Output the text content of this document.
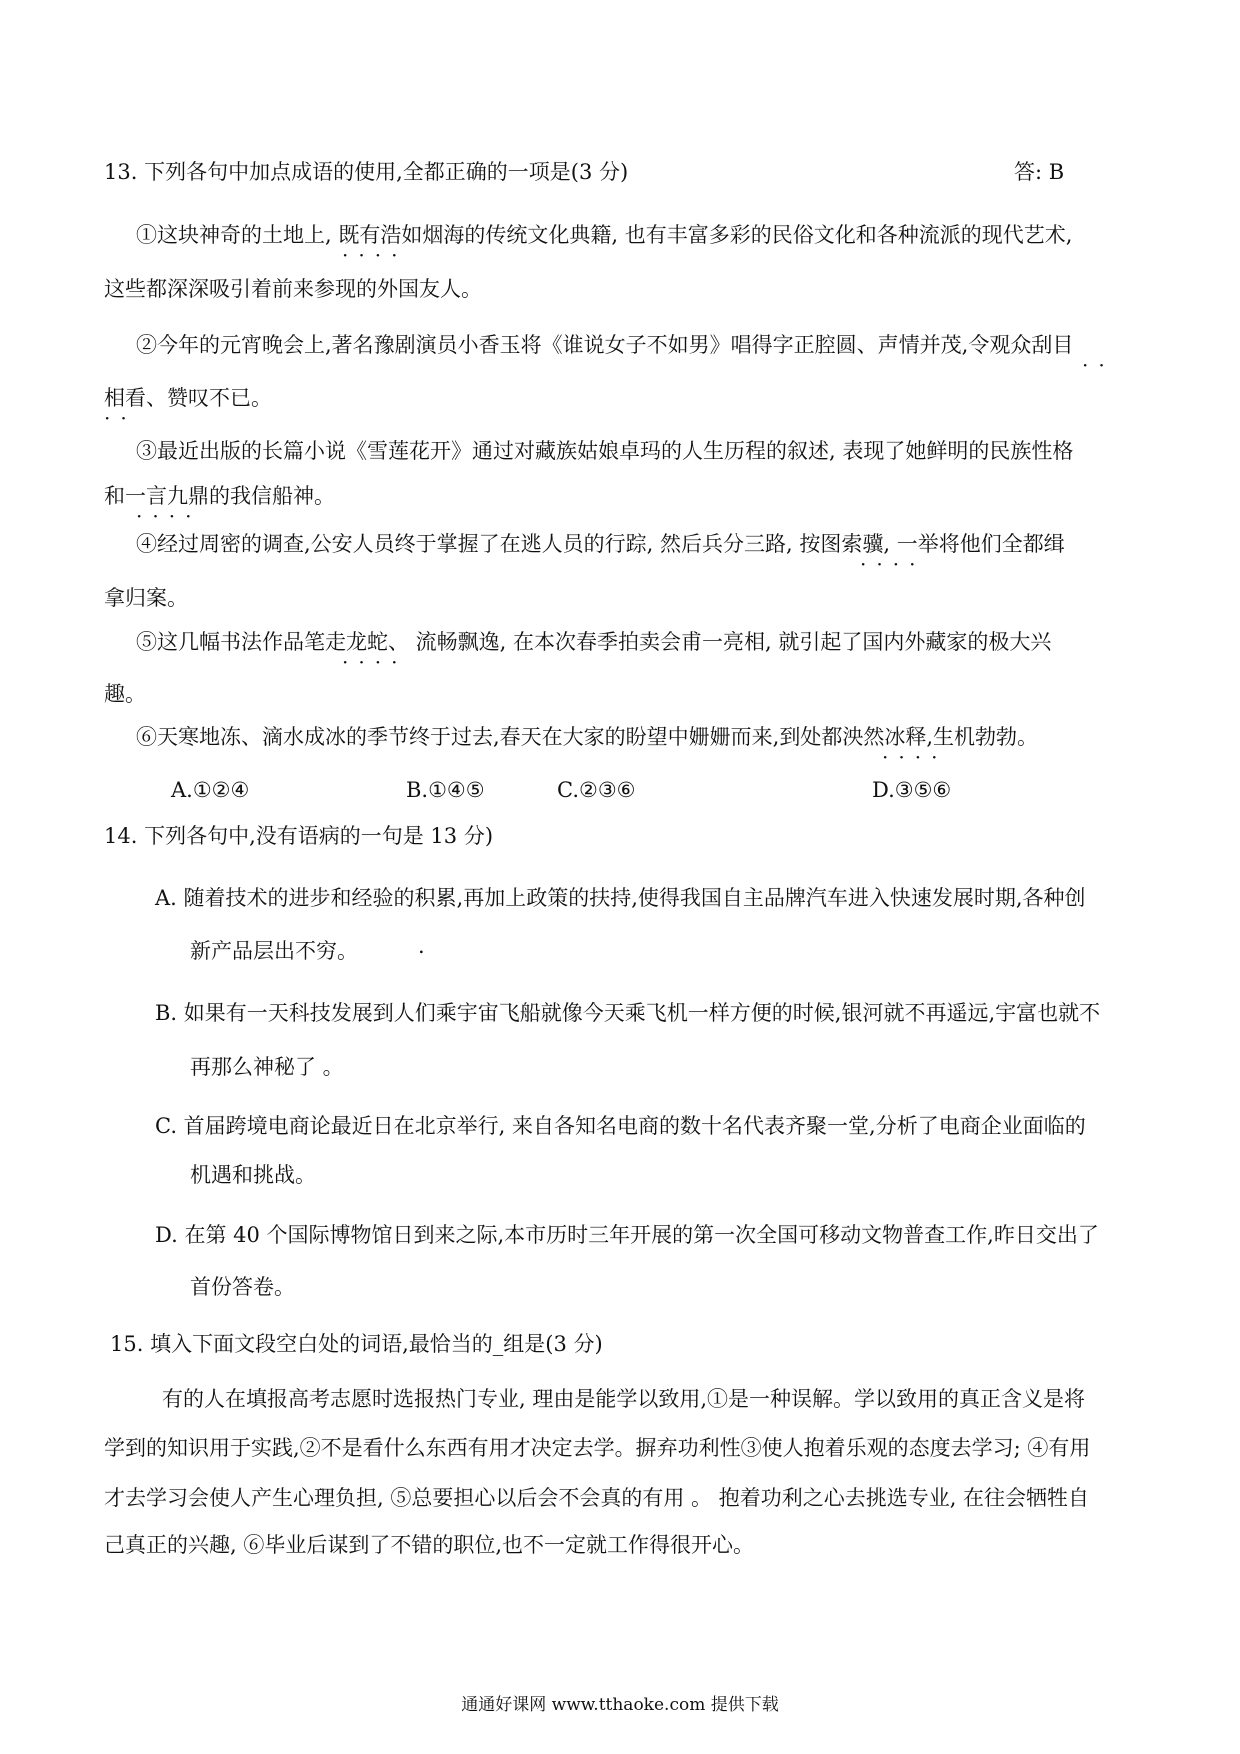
13. 下列各句中加点成语的使用,全都正确的一项是(3 分)	答: B
①这块神奇的土地上, 既有浩如烟海的传统文化典籍, 也有丰富多彩的民俗文化和各种流派的现代艺术,
····
这些都深深吸引着前来参现的外国友人。
②今年的元宵晚会上,著名豫剧演员小香玉将《谁说女子不如男》唱得字正腔圆、声情并茂,令观众刮目
··
相看、赞叹不已。
··
③最近出版的长篇小说《雪莲花开》通过对藏族姑娘卓玛的人生历程的叙述, 表现了她鲜明的民族性格
和一言九鼎的我信船神。
····
④经过周密的调查,公安人员终于掌握了在逃人员的行踪, 然后兵分三路, 按图索骥, 一举将他们全都缉
····
拿归案。
⑤这几幅书法作品笔走龙蛇、 流畅飘逸, 在本次春季拍卖会甫一亮相, 就引起了国内外藏家的极大兴
····
趣。
⑥天寒地冻、滴水成冰的季节终于过去,春天在大家的盼望中姗姗而来,到处都泱然冰释,生机勃勃。
····
A.①②④	B.①④⑤	C.②③⑥	D.③⑤⑥
14. 下列各句中,没有语病的一句是 13 分)
A. 随着技术的进步和经验的积累,再加上政策的扶持,使得我国自主品牌汽车进入快速发展时期,各种创
新产品层出不穷。	.
B. 如果有一天科技发展到人们乘宇宙飞船就像今天乘飞机一样方便的时候,银河就不再遥远,宇富也就不
再那么神秘了 。
C. 首届跨境电商论最近日在北京举行, 来自各知名电商的数十名代表齐聚一堂,分析了电商企业面临的
机遇和挑战。
D. 在第 40 个国际博物馆日到来之际,本市历时三年开展的第一次全国可移动文物普查工作,昨日交出了
首份答卷。
15. 填入下面文段空白处的词语,最恰当的_组是(3 分)
有的人在填报高考志愿时选报热门专业, 理由是能学以致用,①是一种误解。学以致用的真正含义是将
学到的知识用于实践,②不是看什么东西有用才决定去学。摒弃功利性③使人抱着乐观的态度去学习; ④有用
才去学习会使人产生心理负担, ⑤总要担心以后会不会真的有用 。 抱着功利之心去挑选专业, 在往会牺牲自
己真正的兴趣, ⑥毕业后谋到了不错的职位,也不一定就工作得很开心。
通通好课网 www.tthaoke.com 提供下载
